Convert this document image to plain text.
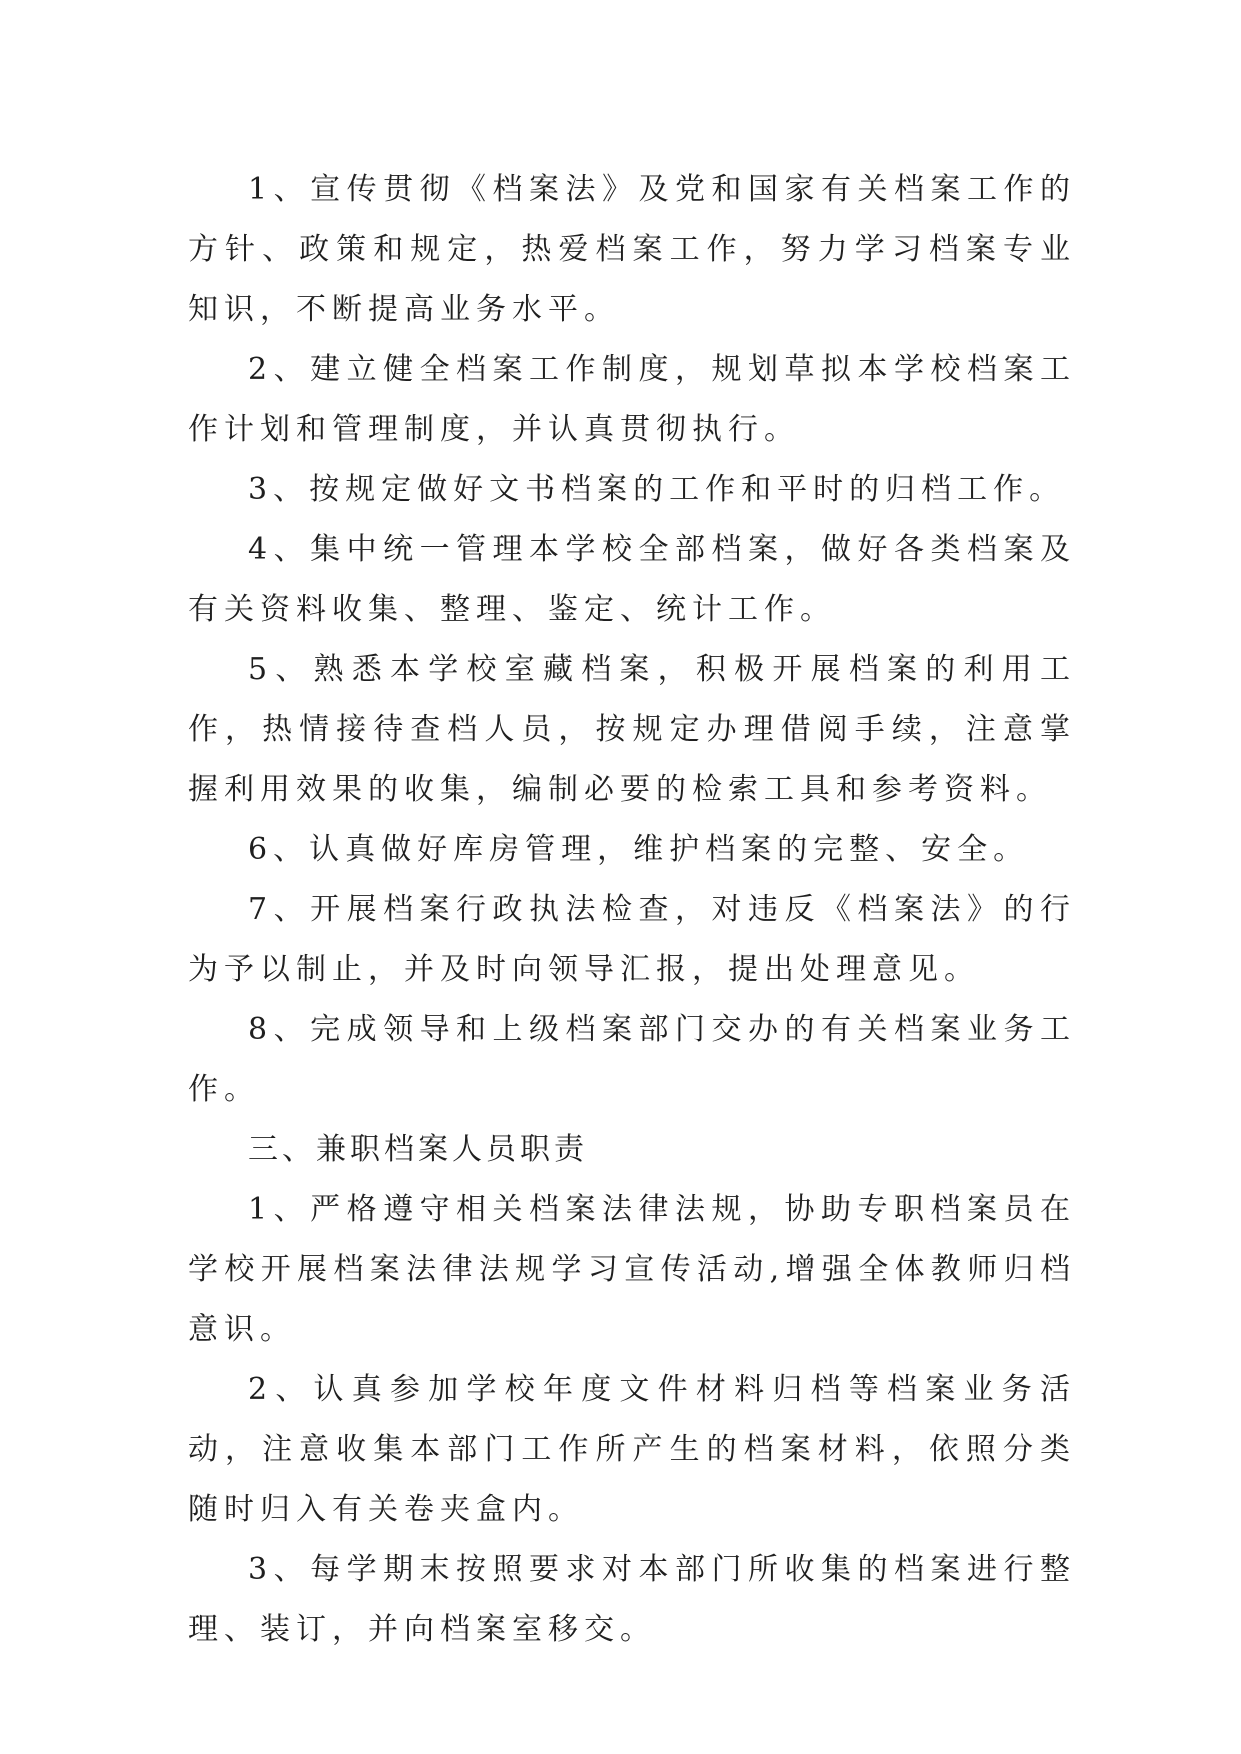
1、宣传贯彻《档案法》及党和国家有关档案工作的方针、政策和规定，热爱档案工作，努力学习档案专业知识，不断提高业务水平。

2、建立健全档案工作制度，规划草拟本学校档案工作计划和管理制度，并认真贯彻执行。

3、按规定做好文书档案的工作和平时的归档工作。

4、集中统一管理本学校全部档案，做好各类档案及有关资料收集、整理、鉴定、统计工作。

5、熟悉本学校室藏档案，积极开展档案的利用工作，热情接待查档人员，按规定办理借阅手续，注意掌握利用效果的收集，编制必要的检索工具和参考资料。

6、认真做好库房管理，维护档案的完整、安全。

7、开展档案行政执法检查，对违反《档案法》的行为予以制止，并及时向领导汇报，提出处理意见。

8、完成领导和上级档案部门交办的有关档案业务工作。

三、兼职档案人员职责

1、严格遵守相关档案法律法规，协助专职档案员在学校开展档案法律法规学习宣传活动,增强全体教师归档意识。

2、认真参加学校年度文件材料归档等档案业务活动，注意收集本部门工作所产生的档案材料，依照分类随时归入有关卷夹盒内。

3、每学期末按照要求对本部门所收集的档案进行整理、装订，并向档案室移交。
